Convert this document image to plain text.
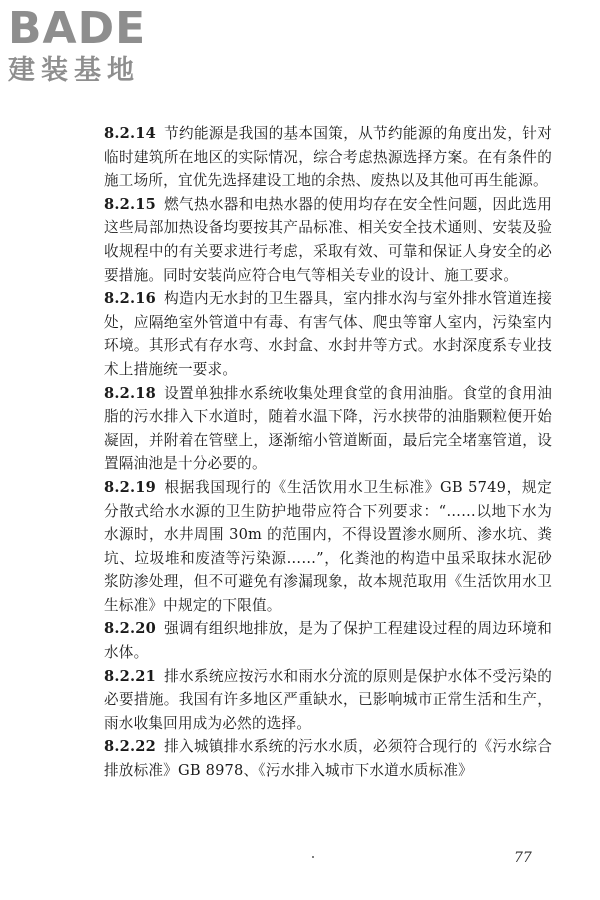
BADE
建装基地

8.2.14 节约能源是我国的基本国策，从节约能源的角度出发，针对临时建筑所在地区的实际情况，综合考虑热源选择方案。在有条件的施工场所，宜优先选择建设工地的余热、废热以及其他可再生能源。

8.2.15 燃气热水器和电热水器的使用均存在安全性问题，因此选用这些局部加热设备均要按其产品标准、相关安全技术通则、安装及验收规程中的有关要求进行考虑，采取有效、可靠和保证人身安全的必要措施。同时安装尚应符合电气等相关专业的设计、施工要求。

8.2.16 构造内无水封的卫生器具，室内排水沟与室外排水管道连接处，应隔绝室外管道中有毒、有害气体、爬虫等窜人室内，污染室内环境。其形式有存水弯、水封盒、水封井等方式。水封深度系专业技术上措施统一要求。

8.2.18 设置单独排水系统收集处理食堂的食用油脂。食堂的食用油脂的污水排入下水道时，随着水温下降，污水挟带的油脂颗粒便开始凝固，并附着在管壁上，逐渐缩小管道断面，最后完全堵塞管道，设置隔油池是十分必要的。

8.2.19 根据我国现行的《生活饮用水卫生标准》GB 5749，规定分散式给水水源的卫生防护地带应符合下列要求：“……以地下水为水源时，水井周围 30m 的范围内，不得设置渗水厕所、渗水坑、粪坑、垃圾堆和废渣等污染源……”，化粪池的构造中虽采取抹水泥砂浆防渗处理，但不可避免有渗漏现象，故本规范取用《生活饮用水卫生标准》中规定的下限值。

8.2.20 强调有组织地排放，是为了保护工程建设过程的周边环境和水体。

8.2.21 排水系统应按污水和雨水分流的原则是保护水体不受污染的必要措施。我国有许多地区严重缺水，已影响城市正常生活和生产，雨水收集回用成为必然的选择。

8.2.22 排入城镇排水系统的污水水质，必须符合现行的《污水综合排放标准》GB 8978、《污水排入城市下水道水质标准》

77
